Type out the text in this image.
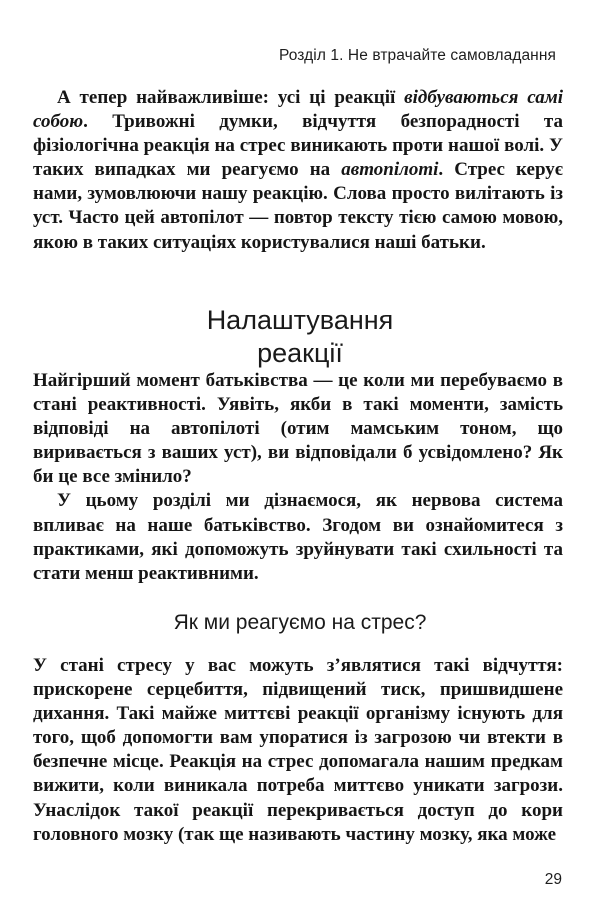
Розділ 1. Не втрачайте самовладання

А тепер найважливіше: усі ці реакції відбуваються самі собою. Тривожні думки, відчуття безпорадності та фізіологічна реакція на стрес виникають проти нашої волі. У таких випадках ми реагуємо на автопілоті. Стрес керує нами, зумовлюючи нашу реакцію. Слова просто вилітають із уст. Часто цей автопілот — повтор тексту тією самою мовою, якою в таких ситуаціях користувалися наші батьки.

Налаштування
реакції

Найгірший момент батьківства — це коли ми перебуваємо в стані реактивності. Уявіть, якби в такі моменти, замість відповіді на автопілоті (отим мамським тоном, що виривається з ваших уст), ви відповідали б усвідомлено? Як би це все змінило?

У цьому розділі ми дізнаємося, як нервова система впливає на наше батьківство. Згодом ви ознайомитеся з практиками, які допоможуть зруйнувати такі схильності та стати менш реактивними.

Як ми реагуємо на стрес?

У стані стресу у вас можуть з’являтися такі відчуття: прискорене серцебиття, підвищений тиск, пришвидшене дихання. Такі майже миттєві реакції організму існують для того, щоб допомогти вам упоратися із загрозою чи втекти в безпечне місце. Реакція на стрес допомагала нашим предкам вижити, коли виникала потреба миттєво уникати загрози. Унаслідок такої реакції перекривається доступ до кори головного мозку (так ще називають частину мозку, яка може

29
